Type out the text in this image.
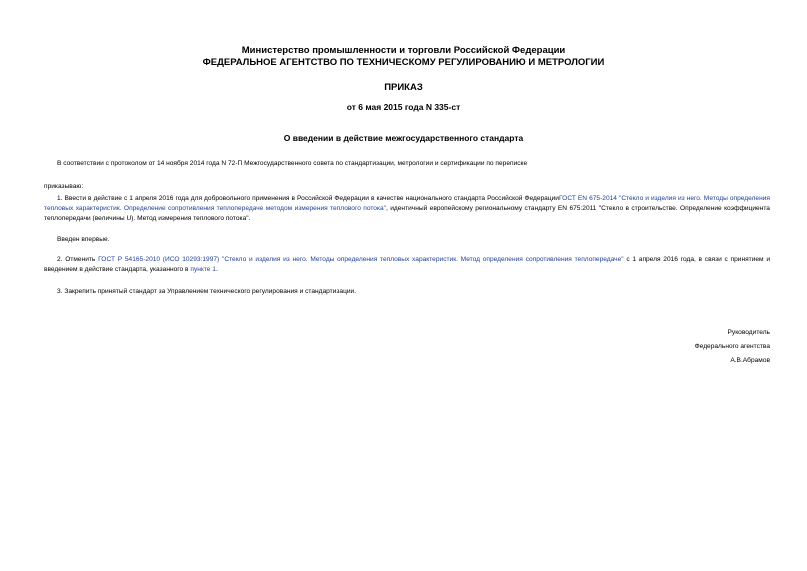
Министерство промышленности и торговли Российской Федерации
ФЕДЕРАЛЬНОЕ АГЕНТСТВО ПО ТЕХНИЧЕСКОМУ РЕГУЛИРОВАНИЮ И МЕТРОЛОГИИ
ПРИКАЗ
от 6 мая 2015 года N 335-ст
О введении в действие межгосударственного стандарта
В соответствии с протоколом от 14 ноября 2014 года N 72-П Межгосударственного совета по стандартизации, метрологии и сертификации по переписке
приказываю:
1. Ввести в действие с 1 апреля 2016 года для добровольного применения в Российской Федерации в качестве национального стандарта Российской ФедерацииГОСТ EN 675-2014 "Стекло и изделия из него. Методы определения тепловых характеристик. Определение сопротивления теплопередаче методом измерения теплового потока", идентичный европейскому региональному стандарту EN 675:2011 "Стекло в строительстве. Определение коэффициента теплопередачи (величины U). Метод измерения теплового потока".
Введен впервые.
2. Отменить ГОСТ Р 54165-2010 (ИСО 10293:1997) "Стекло и изделия из него. Методы определения тепловых характеристик. Метод определения сопротивления теплопередаче" с 1 апреля 2016 года, в связи с принятием и введением в действие стандарта, указанного в пункте 1.
3. Закрепить принятый стандарт за Управлением технического регулирования и стандартизации.
Руководитель
Федерального агентства
А.В.Абрамов
